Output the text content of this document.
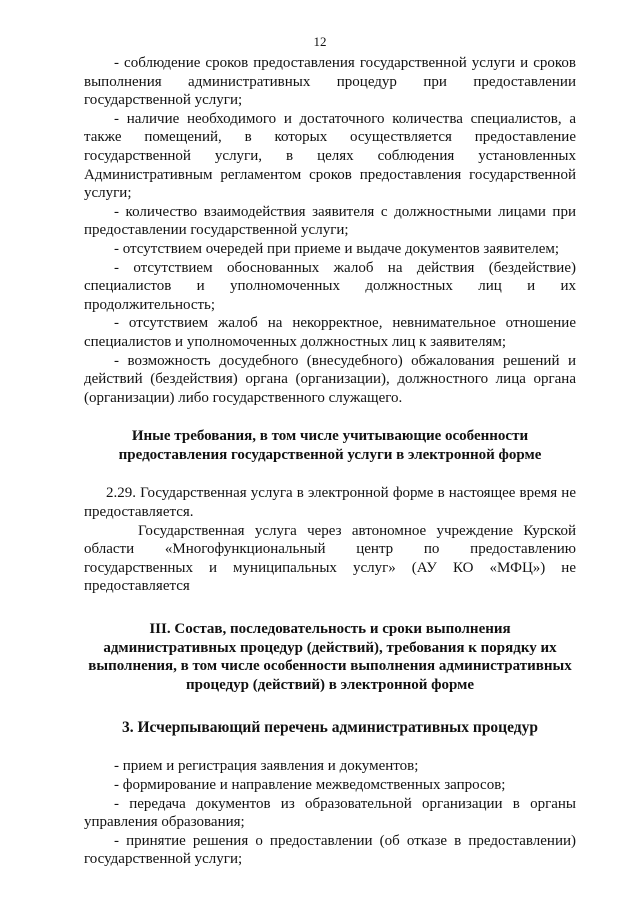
12

- соблюдение сроков предоставления государственной услуги и сроков выполнения административных процедур при предоставлении государственной услуги;

- наличие необходимого и достаточного количества специалистов, а также помещений, в которых осуществляется предоставление государственной услуги, в целях соблюдения установленных Административным регламентом сроков предоставления государственной услуги;

- количество взаимодействия заявителя с должностными лицами при предоставлении государственной услуги;

- отсутствием очередей при приеме и выдаче документов заявителем;

- отсутствием обоснованных жалоб на действия (бездействие) специалистов и уполномоченных должностных лиц и их продолжительность;

- отсутствием жалоб на некорректное, невнимательное отношение специалистов и уполномоченных должностных лиц к заявителям;

- возможность досудебного (внесудебного) обжалования решений и действий (бездействия) органа (организации), должностного лица органа (организации) либо государственного служащего.

Иные требования, в том числе учитывающие особенности предоставления государственной услуги в электронной форме

2.29. Государственная услуга в электронной форме в настоящее время не предоставляется.

Государственная услуга через автономное учреждение Курской области «Многофункциональный центр по предоставлению государственных и муниципальных услуг» (АУ КО «МФЦ») не предоставляется

III. Состав, последовательность и сроки выполнения административных процедур (действий), требования к порядку их выполнения, в том числе особенности выполнения административных процедур (действий) в электронной форме

3. Исчерпывающий перечень административных процедур

- прием и регистрация заявления и документов;

- формирование и направление межведомственных запросов;

- передача документов из образовательной организации в органы управления образования;

- принятие решения о предоставлении (об отказе в предоставлении) государственной услуги;
